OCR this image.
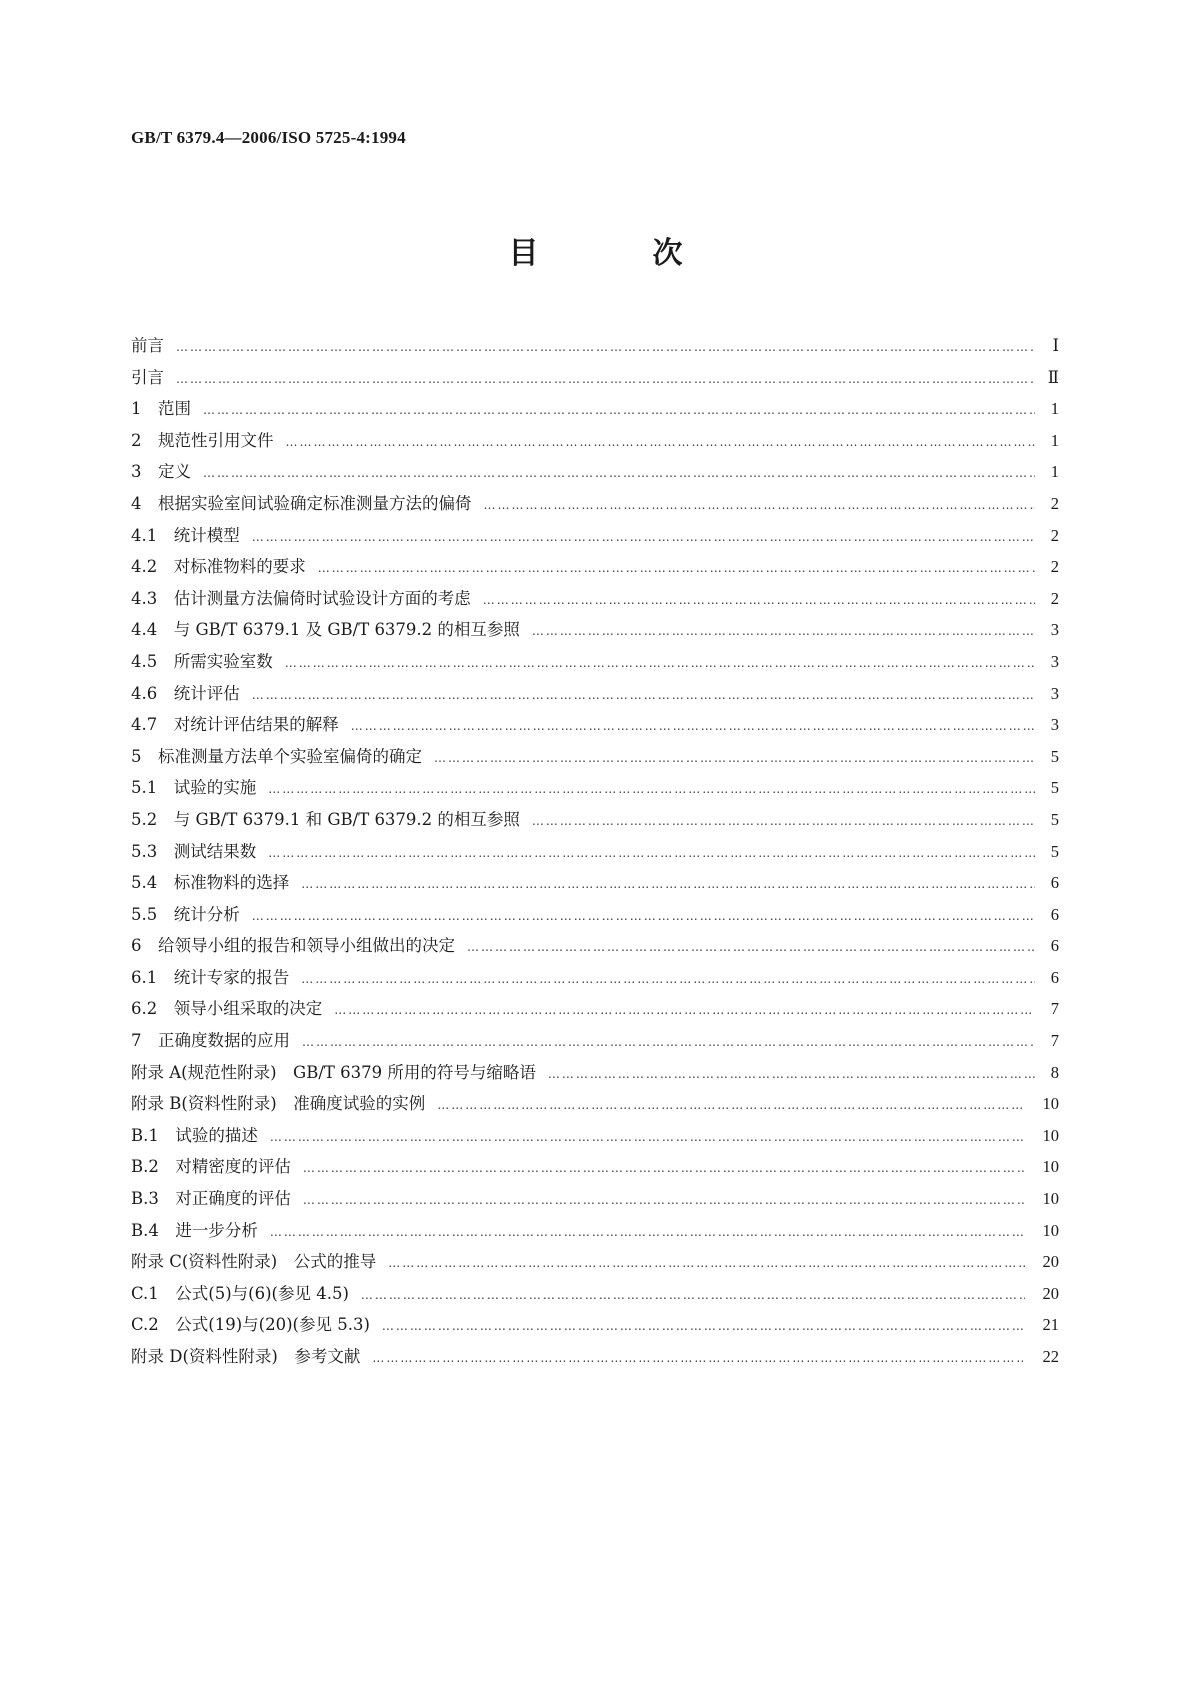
GB/T 6379.4—2006/ISO 5725-4:1994
目　次
前言 ………………………………………………………………………………………………………………………………………………………………………………………………………………………………………	Ⅰ
引言 ………………………………………………………………………………………………………………………………………………………………………………………………………………………………………	Ⅱ
1　范围 ………………………………………………………………………………………………………………………………………………………………………………………………………………………………………	1
2　规范性引用文件 ………………………………………………………………………………………………………………………………………………………………………………………………………………………………………	1
3　定义 ………………………………………………………………………………………………………………………………………………………………………………………………………………………………………	1
4　根据实验室间试验确定标准测量方法的偏倚 ………………………………………………………………………………………………………………………………………………………………………………………………………………………………………	2
4.1　统计模型 ………………………………………………………………………………………………………………………………………………………………………………………………………………………………………	2
4.2　对标准物料的要求 ………………………………………………………………………………………………………………………………………………………………………………………………………………………………………	2
4.3　估计测量方法偏倚时试验设计方面的考虑 ………………………………………………………………………………………………………………………………………………………………………………………………………………………………………	2
4.4　与 GB/T 6379.1 及 GB/T 6379.2 的相互参照 ………………………………………………………………………………………………………………………………………………………………………………………………………………………………………	3
4.5　所需实验室数 ………………………………………………………………………………………………………………………………………………………………………………………………………………………………………	3
4.6　统计评估 ………………………………………………………………………………………………………………………………………………………………………………………………………………………………………	3
4.7　对统计评估结果的解释 ………………………………………………………………………………………………………………………………………………………………………………………………………………………………………	3
5　标准测量方法单个实验室偏倚的确定 ………………………………………………………………………………………………………………………………………………………………………………………………………………………………………	5
5.1　试验的实施 ………………………………………………………………………………………………………………………………………………………………………………………………………………………………………	5
5.2　与 GB/T 6379.1 和 GB/T 6379.2 的相互参照 ………………………………………………………………………………………………………………………………………………………………………………………………………………………………………	5
5.3　测试结果数 ………………………………………………………………………………………………………………………………………………………………………………………………………………………………………	5
5.4　标准物料的选择 ………………………………………………………………………………………………………………………………………………………………………………………………………………………………………	6
5.5　统计分析 ………………………………………………………………………………………………………………………………………………………………………………………………………………………………………	6
6　给领导小组的报告和领导小组做出的决定 ………………………………………………………………………………………………………………………………………………………………………………………………………………………………………	6
6.1　统计专家的报告 ………………………………………………………………………………………………………………………………………………………………………………………………………………………………………	6
6.2　领导小组采取的决定 ………………………………………………………………………………………………………………………………………………………………………………………………………………………………………	7
7　正确度数据的应用 ………………………………………………………………………………………………………………………………………………………………………………………………………………………………………	7
附录 A(规范性附录)　GB/T 6379 所用的符号与缩略语 ………………………………………………………………………………………………………………………………………………………………………………………………………………………………………	8
附录 B(资料性附录)　准确度试验的实例 ………………………………………………………………………………………………………………………………………………………………………………………………………………………………………	10
B.1　试验的描述 ………………………………………………………………………………………………………………………………………………………………………………………………………………………………………	10
B.2　对精密度的评估 ………………………………………………………………………………………………………………………………………………………………………………………………………………………………………	10
B.3　对正确度的评估 ………………………………………………………………………………………………………………………………………………………………………………………………………………………………………	10
B.4　进一步分析 ………………………………………………………………………………………………………………………………………………………………………………………………………………………………………	10
附录 C(资料性附录)　公式的推导 ………………………………………………………………………………………………………………………………………………………………………………………………………………………………………	20
C.1　公式(5)与(6)(参见 4.5) ………………………………………………………………………………………………………………………………………………………………………………………………………………………………………	20
C.2　公式(19)与(20)(参见 5.3) ………………………………………………………………………………………………………………………………………………………………………………………………………………………………………	21
附录 D(资料性附录)　参考文献 ………………………………………………………………………………………………………………………………………………………………………………………………………………………………………	22
